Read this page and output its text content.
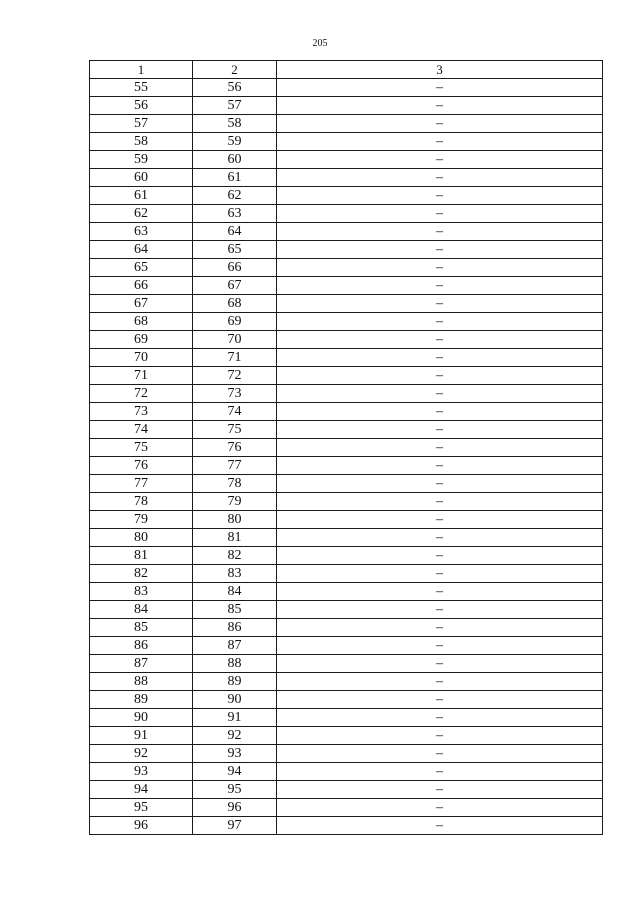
205
1	2	3
55	56	–
56	57	–
57	58	–
58	59	–
59	60	–
60	61	–
61	62	–
62	63	–
63	64	–
64	65	–
65	66	–
66	67	–
67	68	–
68	69	–
69	70	–
70	71	–
71	72	–
72	73	–
73	74	–
74	75	–
75	76	–
76	77	–
77	78	–
78	79	–
79	80	–
80	81	–
81	82	–
82	83	–
83	84	–
84	85	–
85	86	–
86	87	–
87	88	–
88	89	–
89	90	–
90	91	–
91	92	–
92	93	–
93	94	–
94	95	–
95	96	–
96	97	–
